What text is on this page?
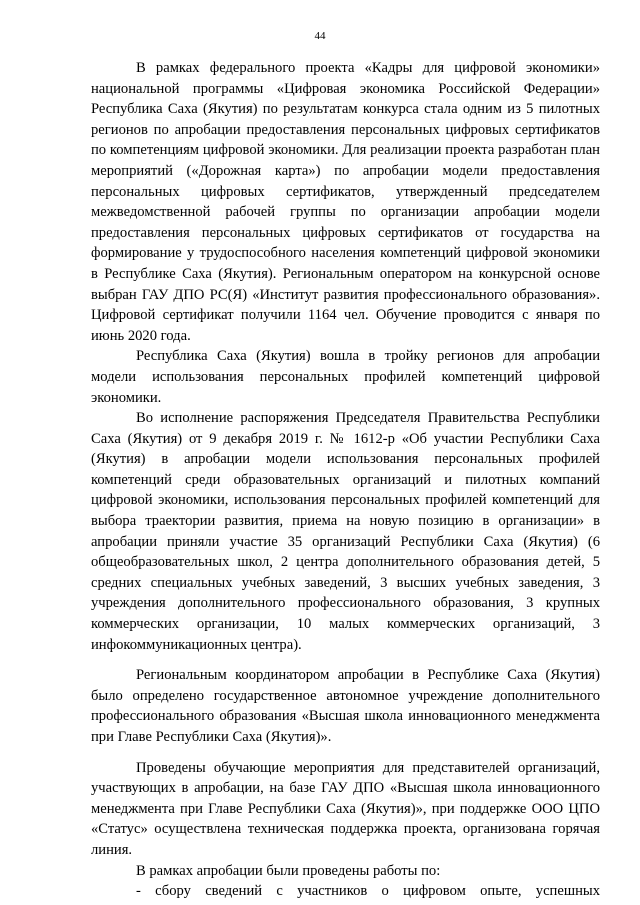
44

В рамках федерального проекта «Кадры для цифровой экономики» национальной программы «Цифровая экономика Российской Федерации» Республика Саха (Якутия) по результатам конкурса стала одним из 5 пилотных регионов по апробации предоставления персональных цифровых сертификатов по компетенциям цифровой экономики. Для реализации проекта разработан план мероприятий («Дорожная карта») по апробации модели предоставления персональных цифровых сертификатов, утвержденный председателем межведомственной рабочей группы по организации апробации модели предоставления персональных цифровых сертификатов от государства на формирование у трудоспособного населения компетенций цифровой экономики в Республике Саха (Якутия). Региональным оператором на конкурсной основе выбран ГАУ ДПО РС(Я) «Институт развития профессионального образования». Цифровой сертификат получили 1164 чел. Обучение проводится с января по июнь 2020 года.

Республика Саха (Якутия) вошла в тройку регионов для апробации модели использования персональных профилей компетенций цифровой экономики.

Во исполнение распоряжения Председателя Правительства Республики Саха (Якутия) от 9 декабря 2019 г. № 1612-р «Об участии Республики Саха (Якутия) в апробации модели использования персональных профилей компетенций среди образовательных организаций и пилотных компаний цифровой экономики, использования персональных профилей компетенций для выбора траектории развития, приема на новую позицию в организации» в апробации приняли участие 35 организаций Республики Саха (Якутия) (6 общеобразовательных школ, 2 центра дополнительного образования детей, 5 средних специальных учебных заведений, 3 высших учебных заведения, 3 учреждения дополнительного профессионального образования, 3 крупных коммерческих организации, 10 малых коммерческих организаций, 3 инфокоммуникационных центра).

Региональным координатором апробации в Республике Саха (Якутия) было определено государственное автономное учреждение дополнительного профессионального образования «Высшая школа инновационного менеджмента при Главе Республики Саха (Якутия)».

Проведены обучающие мероприятия для представителей организаций, участвующих в апробации, на базе ГАУ ДПО «Высшая школа инновационного менеджмента при Главе Республики Саха (Якутия)», при поддержке ООО ЦПО «Статус» осуществлена техническая поддержка проекта, организована горячая линия.

В рамках апробации были проведены работы по:

- сбору сведений с участников о цифровом опыте, успешных
